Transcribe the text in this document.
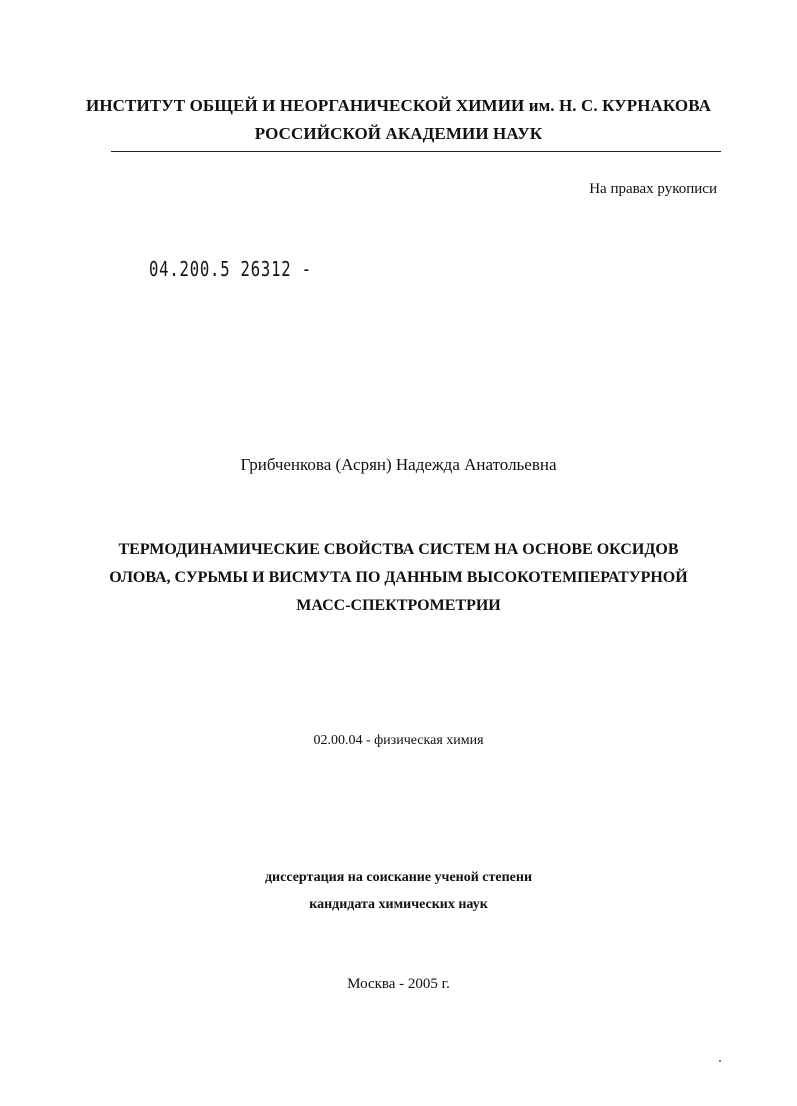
ИНСТИТУТ ОБЩЕЙ И НЕОРГАНИЧЕСКОЙ ХИМИИ им. Н. С. КУРНАКОВА
РОССИЙСКОЙ АКАДЕМИИ НАУК
На правах рукописи
04.200.5 26312 -
Грибченкова (Асрян) Надежда Анатольевна
ТЕРМОДИНАМИЧЕСКИЕ СВОЙСТВА СИСТЕМ НА ОСНОВЕ ОКСИДОВ
ОЛОВА, СУРЬМЫ И ВИСМУТА ПО ДАННЫМ ВЫСОКОТЕМПЕРАТУРНОЙ
МАСС-СПЕКТРОМЕТРИИ
02.00.04 - физическая химия
диссертация на соискание ученой степени
кандидата химических наук
Москва - 2005 г.
